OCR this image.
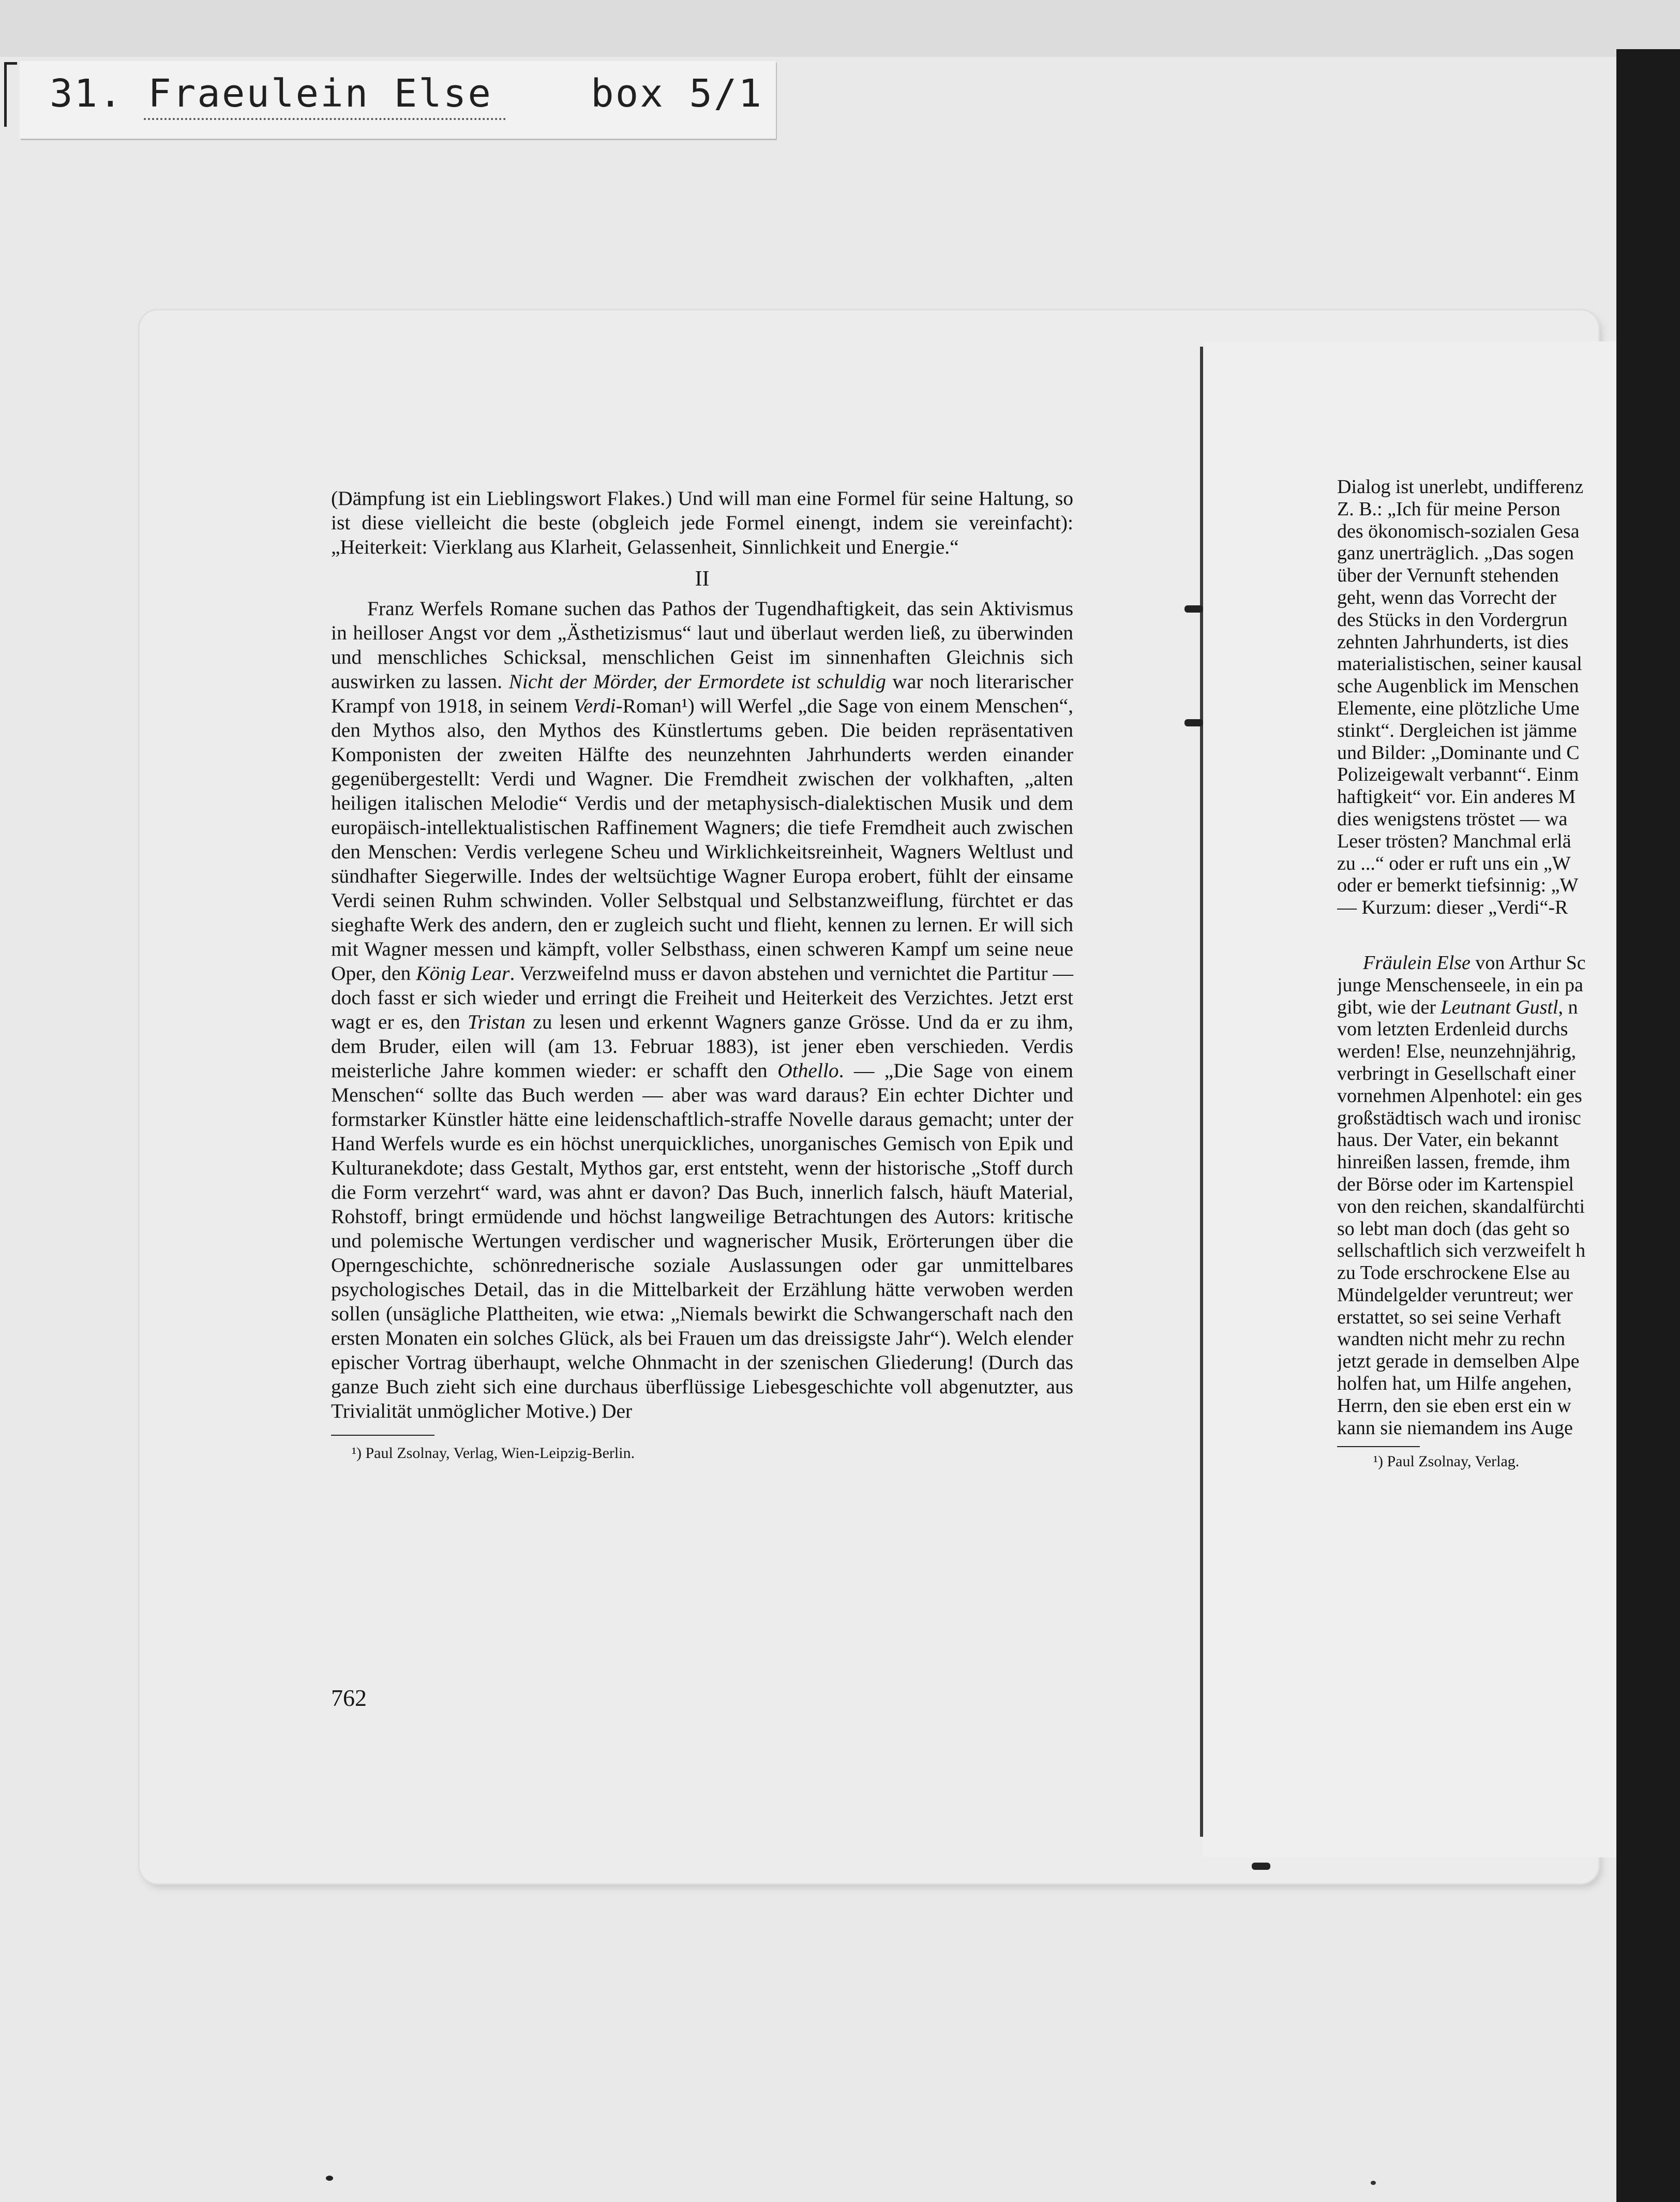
31. Fraeulein Else    box 5/1

(Dämpfung ist ein Lieblingswort Flakes.) Und will man eine Formel für seine Haltung, so ist diese vielleicht die beste (obgleich jede Formel einengt, indem sie vereinfacht): „Heiterkeit: Vierklang aus Klarheit, Gelassenheit, Sinnlichkeit und Energie.“

II

Franz Werfels Romane suchen das Pathos der Tugendhaftigkeit, das sein Aktivismus in heilloser Angst vor dem „Ästhetizismus“ laut und überlaut werden ließ, zu überwinden und menschliches Schicksal, menschlichen Geist im sinnenhaften Gleichnis sich auswirken zu lassen. Nicht der Mörder, der Ermordete ist schuldig war noch literarischer Krampf von 1918, in seinem Verdi-Roman¹) will Werfel „die Sage von einem Menschen“, den Mythos also, den Mythos des Künstlertums geben. Die beiden repräsentativen Komponisten der zweiten Hälfte des neunzehnten Jahrhunderts werden einander gegenübergestellt: Verdi und Wagner. Die Fremdheit zwischen der volkhaften, „alten heiligen italischen Melodie“ Verdis und der metaphysisch-dialektischen Musik und dem europäisch-intellektualistischen Raffinement Wagners; die tiefe Fremdheit auch zwischen den Menschen: Verdis verlegene Scheu und Wirklichkeitsreinheit, Wagners Weltlust und sündhafter Siegerwille. Indes der weltsüchtige Wagner Europa erobert, fühlt der einsame Verdi seinen Ruhm schwinden. Voller Selbstqual und Selbstanzweiflung, fürchtet er das sieghafte Werk des andern, den er zugleich sucht und flieht, kennen zu lernen. Er will sich mit Wagner messen und kämpft, voller Selbsthass, einen schweren Kampf um seine neue Oper, den König Lear. Verzweifelnd muss er davon abstehen und vernichtet die Partitur — doch fasst er sich wieder und erringt die Freiheit und Heiterkeit des Verzichtes. Jetzt erst wagt er es, den Tristan zu lesen und erkennt Wagners ganze Grösse. Und da er zu ihm, dem Bruder, eilen will (am 13. Februar 1883), ist jener eben verschieden. Verdis meisterliche Jahre kommen wieder: er schafft den Othello. — „Die Sage von einem Menschen“ sollte das Buch werden — aber was ward daraus? Ein echter Dichter und formstarker Künstler hätte eine leidenschaftlich-straffe Novelle daraus gemacht; unter der Hand Werfels wurde es ein höchst unerquickliches, unorganisches Gemisch von Epik und Kulturanekdote; dass Gestalt, Mythos gar, erst entsteht, wenn der historische „Stoff durch die Form verzehrt“ ward, was ahnt er davon? Das Buch, innerlich falsch, häuft Material, Rohstoff, bringt ermüdende und höchst langweilige Betrachtungen des Autors: kritische und polemische Wertungen verdischer und wagnerischer Musik, Erörterungen über die Operngeschichte, schönrednerische soziale Auslassungen oder gar unmittelbares psychologisches Detail, das in die Mittelbarkeit der Erzählung hätte verwoben werden sollen (unsägliche Plattheiten, wie etwa: „Niemals bewirkt die Schwangerschaft nach den ersten Monaten ein solches Glück, als bei Frauen um das dreissigste Jahr“). Welch elender epischer Vortrag überhaupt, welche Ohnmacht in der szenischen Gliederung! (Durch das ganze Buch zieht sich eine durchaus überflüssige Liebesgeschichte voll abgenutzter, aus Trivialität unmöglicher Motive.) Der

¹) Paul Zsolnay, Verlag, Wien-Leipzig-Berlin.
762

Dialog ist unerlebt, undifferenz

Z. B.: „Ich für meine Person

des ökonomisch-sozialen Gesa

ganz unerträglich. „Das sogen

über der Vernunft stehenden

geht, wenn das Vorrecht der

des Stücks in den Vordergrun

zehnten Jahrhunderts, ist dies

materialistischen, seiner kausal

sche Augenblick im Menschen

Elemente, eine plötzliche Ume

stinkt“. Dergleichen ist jämme

und Bilder: „Dominante und C

Polizeigewalt verbannt“. Einm

haftigkeit“ vor. Ein anderes M

dies wenigstens tröstet — wa

Leser trösten? Manchmal erlä

zu ...“ oder er ruft uns ein „W

oder er bemerkt tiefsinnig: „W

— Kurzum: dieser „Verdi“-R

Fräulein Else von Arthur Sc

junge Menschenseele, in ein pa

gibt, wie der Leutnant Gustl, n

vom letzten Erdenleid durchs

werden! Else, neunzehnjährig,

verbringt in Gesellschaft einer

vornehmen Alpenhotel: ein ges

großstädtisch wach und ironisc

haus. Der Vater, ein bekannt

hinreißen lassen, fremde, ihm

der Börse oder im Kartenspiel

von den reichen, skandalfürchti

so lebt man doch (das geht so

sellschaftlich sich verzweifelt h

zu Tode erschrockene Else au

Mündelgelder veruntreut; wer

erstattet, so sei seine Verhaft

wandten nicht mehr zu rechn

jetzt gerade in demselben Alpe

holfen hat, um Hilfe angehen,

Herrn, den sie eben erst ein w

kann sie niemandem ins Auge

¹) Paul Zsolnay, Verlag.
